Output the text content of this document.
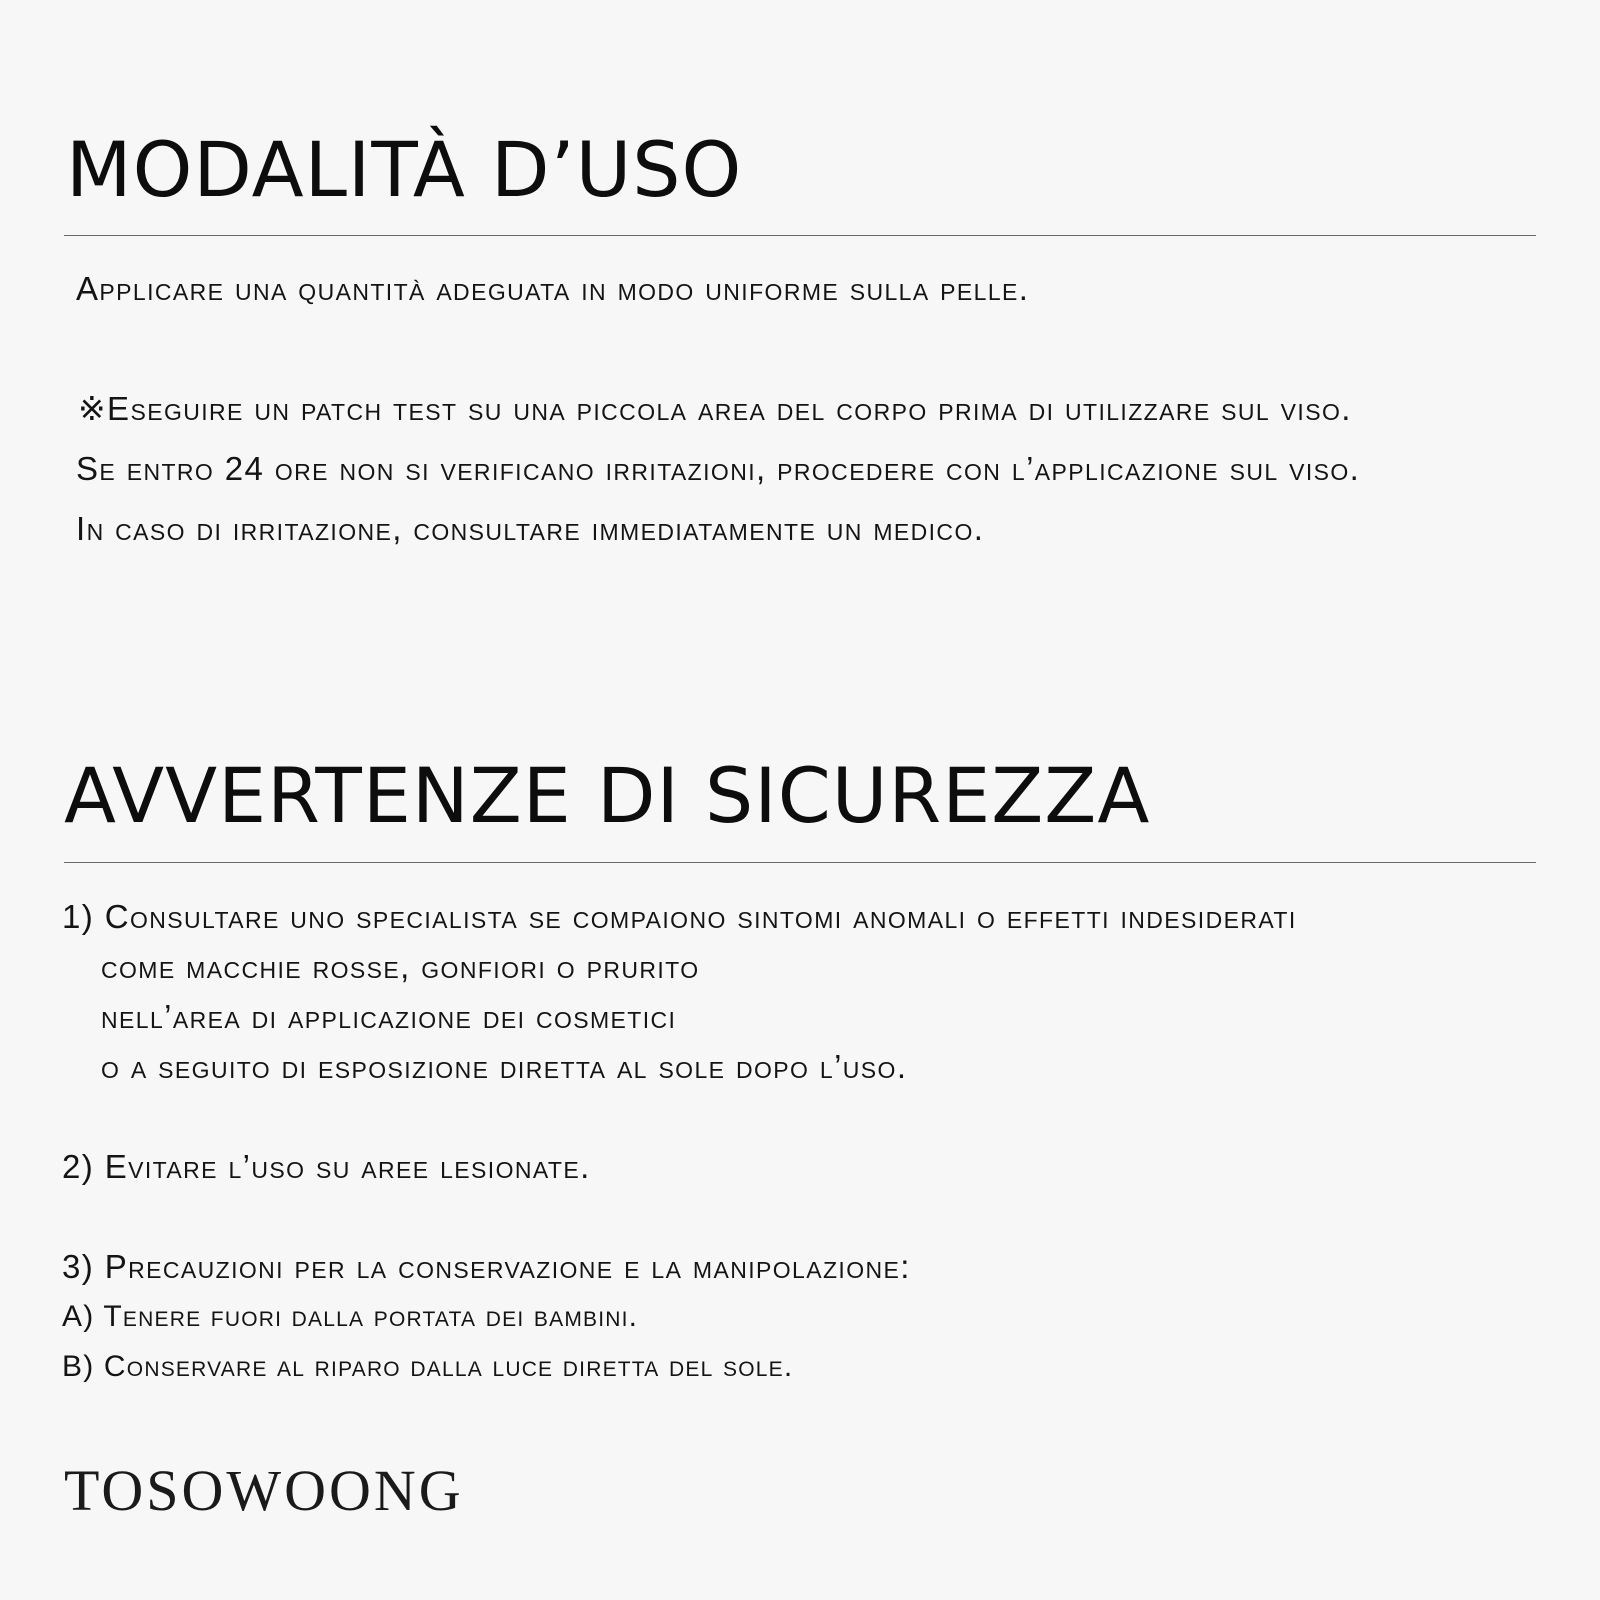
MODALITÀ D’USO

Applicare una quantità adeguata in modo uniforme sulla pelle.

※Eseguire un patch test su una piccola area del corpo prima di utilizzare sul viso.

Se entro 24 ore non si verificano irritazioni, procedere con l’applicazione sul viso.

In caso di irritazione, consultare immediatamente un medico.

AVVERTENZE DI SICUREZZA

1) Consultare uno specialista se compaiono sintomi anomali o effetti indesiderati

come macchie rosse, gonfiori o prurito

nell’area di applicazione dei cosmetici

o a seguito di esposizione diretta al sole dopo l’uso.

2) Evitare l’uso su aree lesionate.

3) Precauzioni per la conservazione e la manipolazione:

A) Tenere fuori dalla portata dei bambini.

B) Conservare al riparo dalla luce diretta del sole.

TOSOWOONG
